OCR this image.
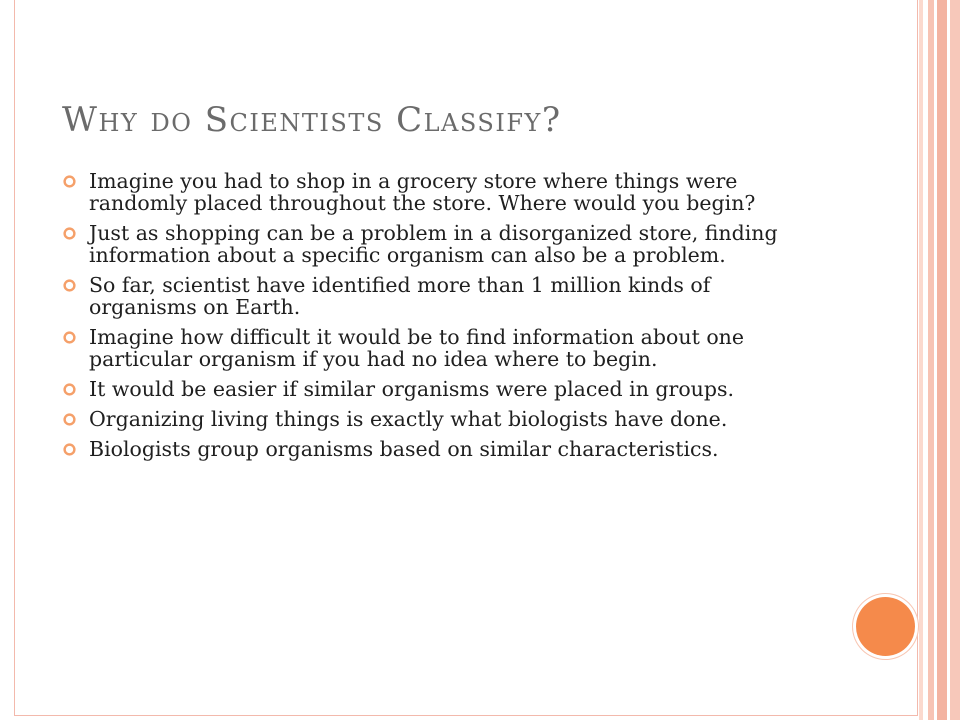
Why do Scientists Classify?
Imagine you had to shop in a grocery store where things were randomly placed throughout the store. Where would you begin?
Just as shopping can be a problem in a disorganized store, finding information about a specific organism can also be a problem.
So far, scientist have identified more than 1 million kinds of organisms on Earth.
Imagine how difficult it would be to find information about one particular organism if you had no idea where to begin.
It would be easier if similar organisms were placed in groups.
Organizing living things is exactly what biologists have done.
Biologists group organisms based on similar characteristics.
